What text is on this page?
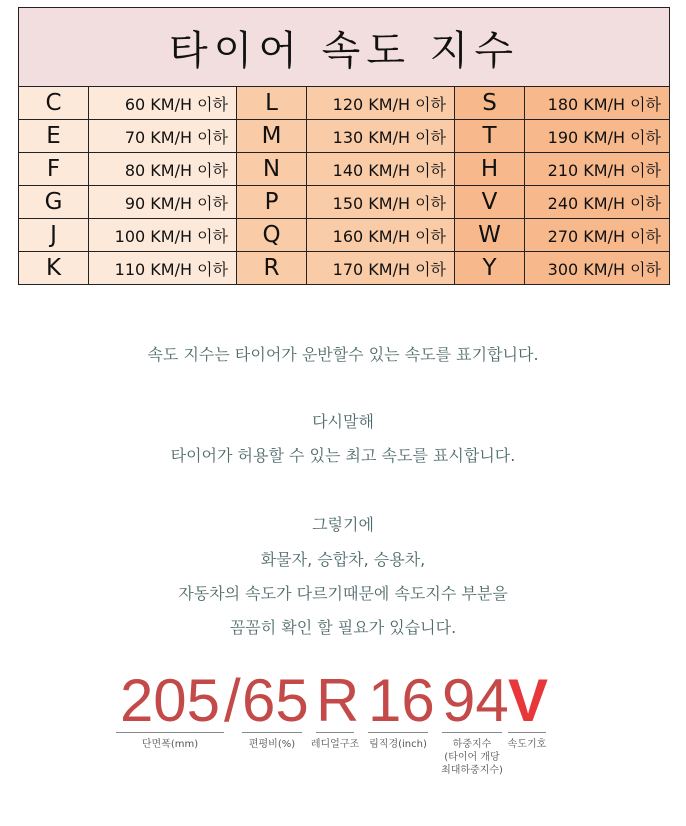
타이어 속도 지수					
C	60 KM/H 이하	L	120 KM/H 이하	S	180 KM/H 이하
E	70 KM/H 이하	M	130 KM/H 이하	T	190 KM/H 이하
F	80 KM/H 이하	N	140 KM/H 이하	H	210 KM/H 이하
G	90 KM/H 이하	P	150 KM/H 이하	V	240 KM/H 이하
J	100 KM/H 이하	Q	160 KM/H 이하	W	270 KM/H 이하
K	110 KM/H 이하	R	170 KM/H 이하	Y	300 KM/H 이하

속도 지수는 타이어가 운반할수 있는 속도를 표기합니다.

다시말해

타이어가 허용할 수 있는 최고 속도를 표시합니다.

그렇기에

화물자, 승합차, 승용차,

자동차의 속도가 다르기때문에 속도지수 부분을

꼼꼼히 확인 할 필요가 있습니다.

205
단면폭(mm)
/ 65
편평비(%)
R
레디얼구조
16
림직경(inch)
94
하중지수
(타이어 개당
최대하중지수)
V
속도기호
